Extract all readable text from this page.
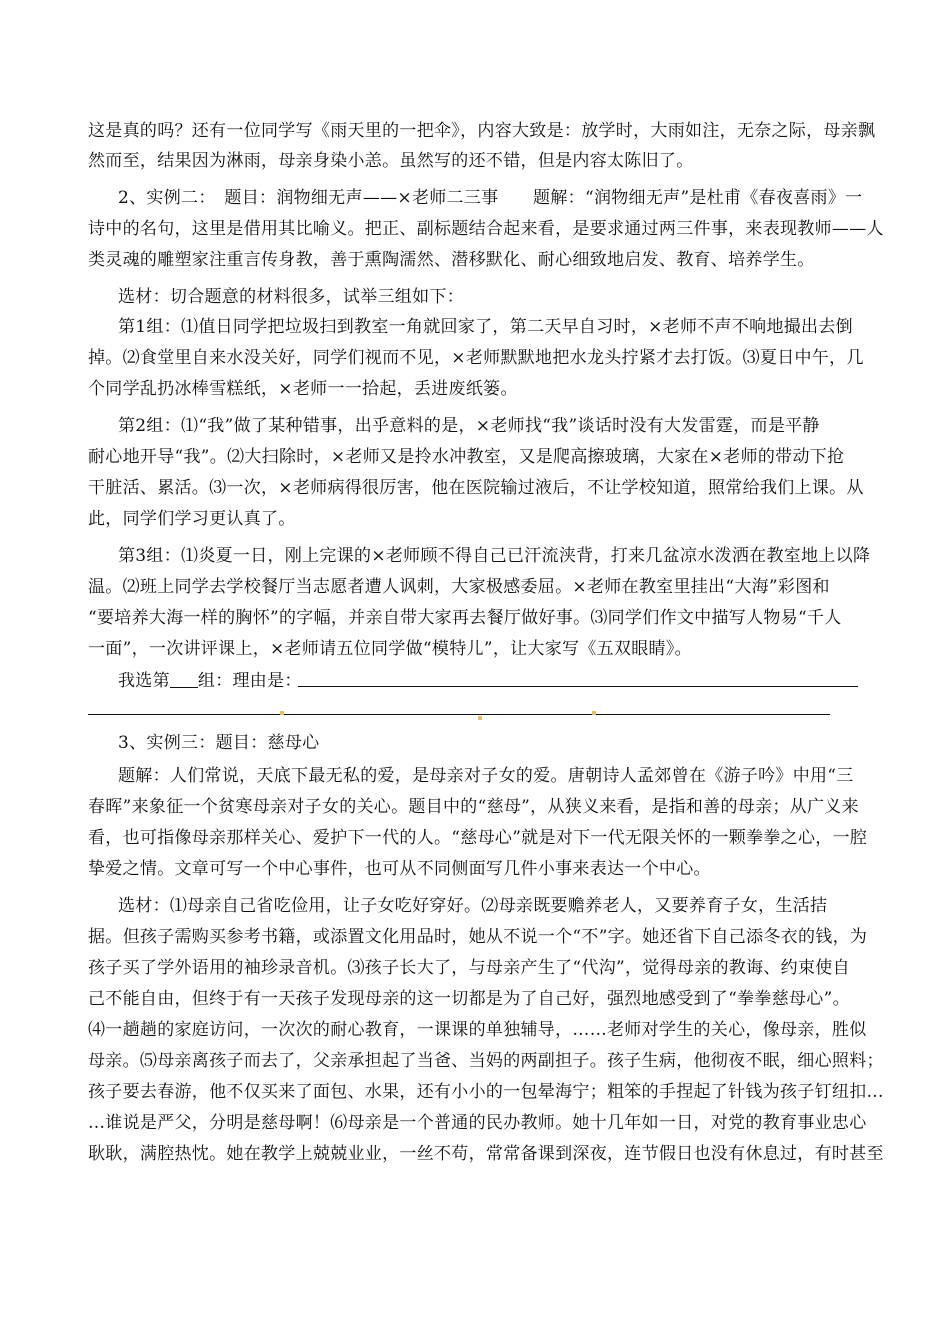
这是真的吗？还有一位同学写《雨天里的一把伞》，内容大致是：放学时，大雨如注，无奈之际，母亲飘
然而至，结果因为淋雨，母亲身染小恙。虽然写的还不错，但是内容太陈旧了。
2、实例二：　题目：润物细无声——×老师二三事　　题解：“润物细无声”是杜甫《春夜喜雨》一
诗中的名句，这里是借用其比喻义。把正、副标题结合起来看，是要求通过两三件事，来表现教师——人
类灵魂的雕塑家注重言传身教，善于熏陶濡然、潜移默化、耐心细致地启发、教育、培养学生。
选材：切合题意的材料很多，试举三组如下：
第1组：⑴值日同学把垃圾扫到教室一角就回家了，第二天早自习时，×老师不声不响地撮出去倒
掉。⑵食堂里自来水没关好，同学们视而不见，×老师默默地把水龙头拧紧才去打饭。⑶夏日中午，几
个同学乱扔冰棒雪糕纸，×老师一一拾起，丢进废纸篓。
第2组：⑴“我”做了某种错事，出乎意料的是，×老师找“我”谈话时没有大发雷霆，而是平静
耐心地开导“我”。⑵大扫除时，×老师又是拎水冲教室，又是爬高擦玻璃，大家在×老师的带动下抢
干脏活、累活。⑶一次，×老师病得很厉害，他在医院输过液后，不让学校知道，照常给我们上课。从
此，同学们学习更认真了。
第3组：⑴炎夏一日，刚上完课的×老师顾不得自己已汗流浃背，打来几盆凉水泼洒在教室地上以降
温。⑵班上同学去学校餐厅当志愿者遭人讽刺，大家极感委屈。×老师在教室里挂出“大海”彩图和
“要培养大海一样的胸怀”的字幅，并亲自带大家再去餐厅做好事。⑶同学们作文中描写人物易“千人
一面”，一次讲评课上，×老师请五位同学做“模特儿”，让大家写《五双眼睛》。
我选第 组：理由是：
3、实例三：题目：慈母心
题解：人们常说，天底下最无私的爱，是母亲对子女的爱。唐朝诗人孟郊曾在《游子吟》中用“三
春晖”来象征一个贫寒母亲对子女的关心。题目中的“慈母”，从狭义来看，是指和善的母亲；从广义来
看，也可指像母亲那样关心、爱护下一代的人。“慈母心”就是对下一代无限关怀的一颗拳拳之心，一腔
挚爱之情。文章可写一个中心事件，也可从不同侧面写几件小事来表达一个中心。
选材：⑴母亲自己省吃俭用，让子女吃好穿好。⑵母亲既要赡养老人，又要养育子女，生活拮
据。但孩子需购买参考书籍，或添置文化用品时，她从不说一个“不”字。她还省下自己添冬衣的钱，为
孩子买了学外语用的袖珍录音机。⑶孩子长大了，与母亲产生了“代沟”，觉得母亲的教诲、约束使自
己不能自由，但终于有一天孩子发现母亲的这一切都是为了自己好，强烈地感受到了“拳拳慈母心”。
⑷一趟趟的家庭访问，一次次的耐心教育，一课课的单独辅导，……老师对学生的关心，像母亲，胜似
母亲。⑸母亲离孩子而去了，父亲承担起了当爸、当妈的两副担子。孩子生病，他彻夜不眠，细心照料；
孩子要去春游，他不仅买来了面包、水果，还有小小的一包晕海宁；粗笨的手捏起了针钱为孩子钉纽扣…
…谁说是严父，分明是慈母啊！⑹母亲是一个普通的民办教师。她十几年如一日，对党的教育事业忠心
耿耿，满腔热忱。她在教学上兢兢业业，一丝不苟，常常备课到深夜，连节假日也没有休息过，有时甚至
